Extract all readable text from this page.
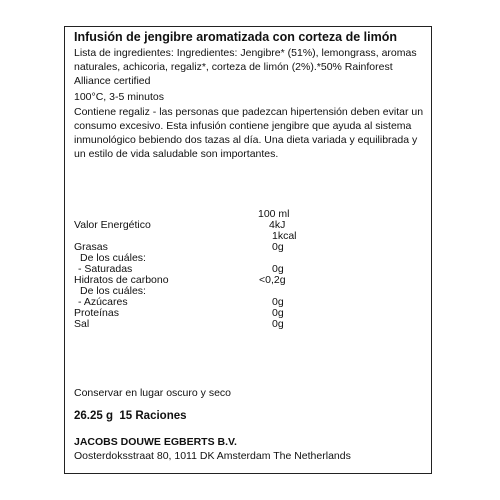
Infusión de jengibre aromatizada con corteza de limón

Lista de ingredientes: Ingredientes: Jengibre* (51%), lemongrass, aromas naturales, achicoria, regaliz*, corteza de limón (2%).*50% Rainforest Alliance certified

100°C, 3-5 minutos

Contiene regaliz - las personas que padezcan hipertensión deben evitar un consumo excesivo. Esta infusión contiene jengibre que ayuda al sistema inmunológico bebiendo dos tazas al día. Una dieta variada y equilibrada y un estilo de vida saludable son importantes.

100 ml
Valor Energético	4kJ
1kcal
Grasas	0g
De los cuáles:
- Saturadas	0g
Hidratos de carbono	<0,2g
De los cuáles:
- Azúcares	0g
Proteínas	0g
Sal	0g
Conservar en lugar oscuro y seco
26.25 g 15 Raciones
JACOBS DOUWE EGBERTS B.V.
Oosterdoksstraat 80, 1011 DK Amsterdam The Netherlands
